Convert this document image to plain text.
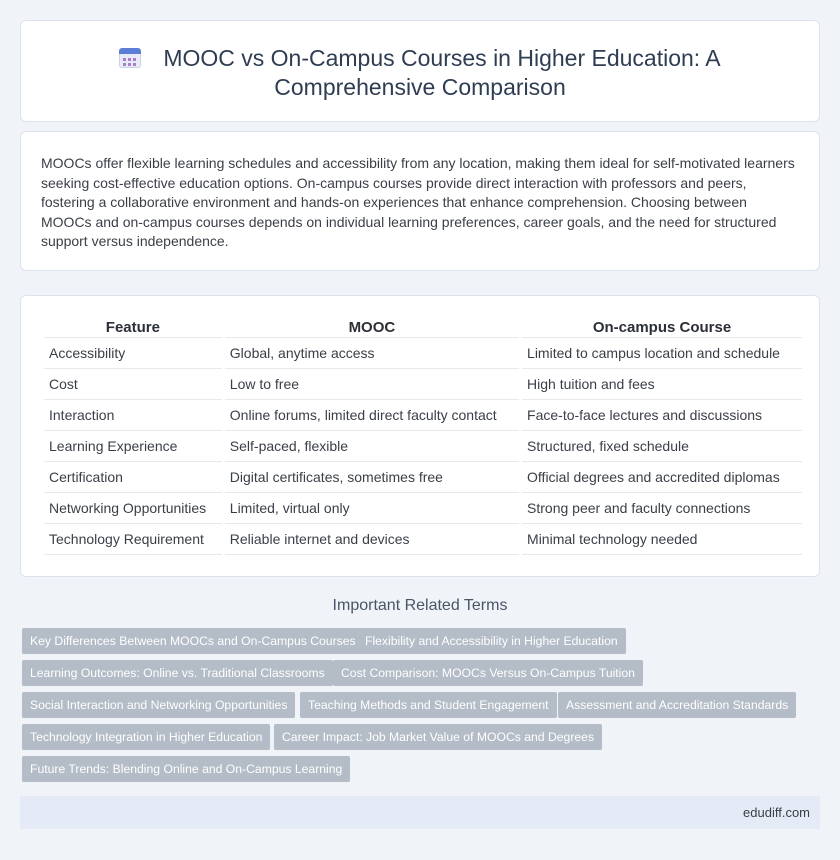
MOOC vs On-Campus Courses in Higher Education: A
Comprehensive Comparison

MOOCs offer flexible learning schedules and accessibility from any location, making them ideal for self-motivated learners seeking cost-effective education options. On-campus courses provide direct interaction with professors and peers, fostering a collaborative environment and hands-on experiences that enhance comprehension. Choosing between MOOCs and on-campus courses depends on individual learning preferences, career goals, and the need for structured support versus independence.

Feature	MOOC	On-campus Course
Accessibility	Global, anytime access	Limited to campus location and schedule
Cost	Low to free	High tuition and fees
Interaction	Online forums, limited direct faculty contact	Face-to-face lectures and discussions
Learning Experience	Self-paced, flexible	Structured, fixed schedule
Certification	Digital certificates, sometimes free	Official degrees and accredited diplomas
Networking Opportunities	Limited, virtual only	Strong peer and faculty connections
Technology Requirement	Reliable internet and devices	Minimal technology needed
Important Related Terms
Key Differences Between MOOCs and On-Campus Courses Flexibility and Accessibility in Higher Education
Learning Outcomes: Online vs. Traditional Classrooms	Cost Comparison: MOOCs Versus On-Campus Tuition
Social Interaction and Networking Opportunities	Teaching Methods and Student Engagement	Assessment and Accreditation Standards
Technology Integration in Higher Education	Career Impact: Job Market Value of MOOCs and Degrees
Future Trends: Blending Online and On-Campus Learning
edudiff.com
